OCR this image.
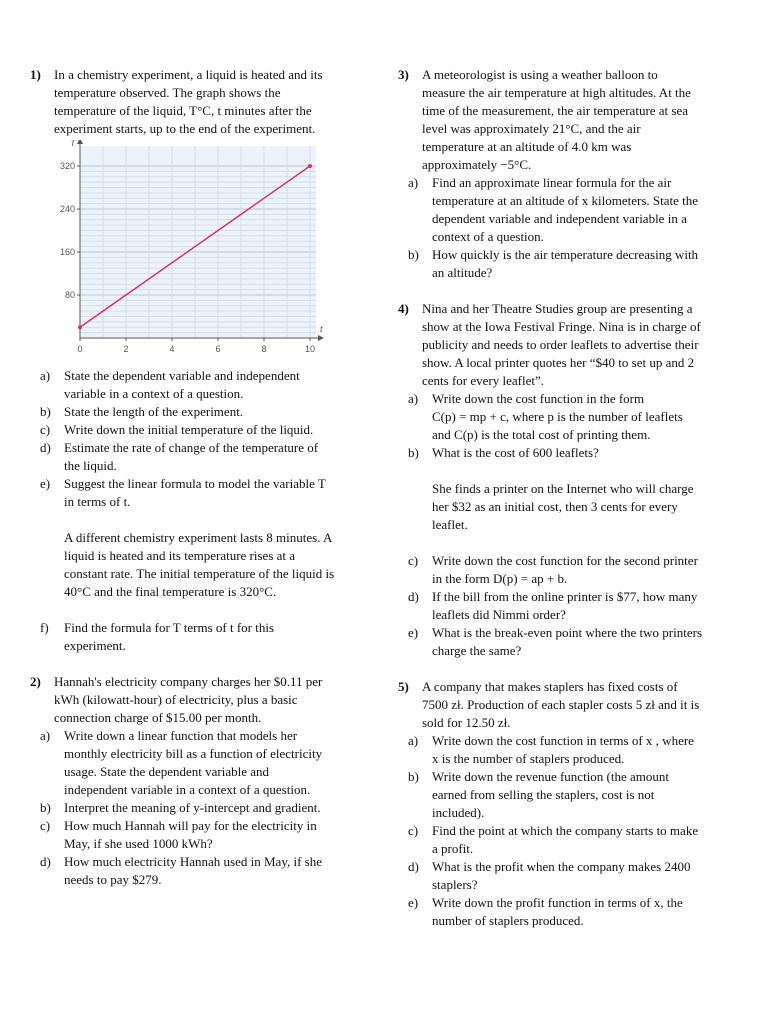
1) In a chemistry experiment, a liquid is heated and its
temperature observed. The graph shows the
temperature of the liquid, T°C, t minutes after the
experiment starts, up to the end of the experiment.
0	2	4	6	8	10
80
160
240
320
t
T
a) State the dependent variable and independent
variable in a context of a question.
b) State the length of the experiment.
c) Write down the initial temperature of the liquid.
d) Estimate the rate of change of the temperature of
the liquid.
e) Suggest the linear formula to model the variable T
in terms of t.
A different chemistry experiment lasts 8 minutes. A
liquid is heated and its temperature rises at a
constant rate. The initial temperature of the liquid is
40°C and the final temperature is 320°C.
f) Find the formula for T terms of t for this
experiment.
2) Hannah's electricity company charges her $0.11 per
kWh (kilowatt-hour) of electricity, plus a basic
connection charge of $15.00 per month.
a) Write down a linear function that models her
monthly electricity bill as a function of electricity
usage. State the dependent variable and
independent variable in a context of a question.
b) Interpret the meaning of y-intercept and gradient.
c) How much Hannah will pay for the electricity in
May, if she used 1000 kWh?
d) How much electricity Hannah used in May, if she
needs to pay $279.
3) A meteorologist is using a weather balloon to
measure the air temperature at high altitudes. At the
time of the measurement, the air temperature at sea
level was approximately 21°C, and the air
temperature at an altitude of 4.0 km was
approximately −5°C.
a) Find an approximate linear formula for the air
temperature at an altitude of x kilometers. State the
dependent variable and independent variable in a
context of a question.
b) How quickly is the air temperature decreasing with
an altitude?
4) Nina and her Theatre Studies group are presenting a
show at the Iowa Festival Fringe. Nina is in charge of
publicity and needs to order leaflets to advertise their
show. A local printer quotes her “$40 to set up and 2
cents for every leaflet”.
a) Write down the cost function in the form
C(p) = mp + c, where p is the number of leaflets
and C(p) is the total cost of printing them.
b) What is the cost of 600 leaflets?
She finds a printer on the Internet who will charge
her $32 as an initial cost, then 3 cents for every
leaflet.
c) Write down the cost function for the second printer
in the form D(p) = ap + b.
d) If the bill from the online printer is $77, how many
leaflets did Nimmi order?
e) What is the break-even point where the two printers
charge the same?
5) A company that makes staplers has fixed costs of
7500 zł. Production of each stapler costs 5 zł and it is
sold for 12.50 zł.
a) Write down the cost function in terms of x , where
x is the number of staplers produced.
b) Write down the revenue function (the amount
earned from selling the staplers, cost is not
included).
c) Find the point at which the company starts to make
a profit.
d) What is the profit when the company makes 2400
staplers?
e) Write down the profit function in terms of x, the
number of staplers produced.
